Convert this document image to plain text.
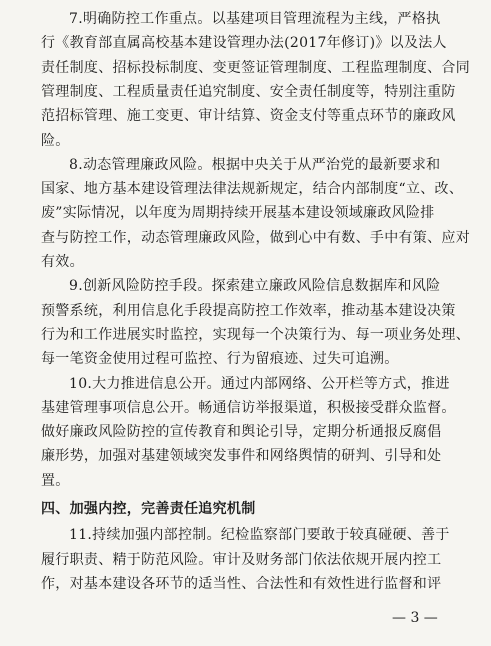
7.明确防控工作重点。以基建项目管理流程为主线，严格执
行《教育部直属高校基本建设管理办法(2017年修订)》以及法人
责任制度、招标投标制度、变更签证管理制度、工程监理制度、合同
管理制度、工程质量责任追究制度、安全责任制度等，特别注重防
范招标管理、施工变更、审计结算、资金支付等重点环节的廉政风
险。
8.动态管理廉政风险。根据中央关于从严治党的最新要求和
国家、地方基本建设管理法律法规新规定，结合内部制度“立、改、
废”实际情况，以年度为周期持续开展基本建设领域廉政风险排
查与防控工作，动态管理廉政风险，做到心中有数、手中有策、应对
有效。
9.创新风险防控手段。探索建立廉政风险信息数据库和风险
预警系统，利用信息化手段提高防控工作效率，推动基本建设决策
行为和工作进展实时监控，实现每一个决策行为、每一项业务处理、
每一笔资金使用过程可监控、行为留痕迹、过失可追溯。
10.大力推进信息公开。通过内部网络、公开栏等方式，推进
基建管理事项信息公开。畅通信访举报渠道，积极接受群众监督。
做好廉政风险防控的宣传教育和舆论引导，定期分析通报反腐倡
廉形势，加强对基建领域突发事件和网络舆情的研判、引导和处
置。
四、加强内控，完善责任追究机制
11.持续加强内部控制。纪检监察部门要敢于较真碰硬、善于
履行职责、精于防范风险。审计及财务部门依法依规开展内控工
作，对基本建设各环节的适当性、合法性和有效性进行监督和评
— 3 —
